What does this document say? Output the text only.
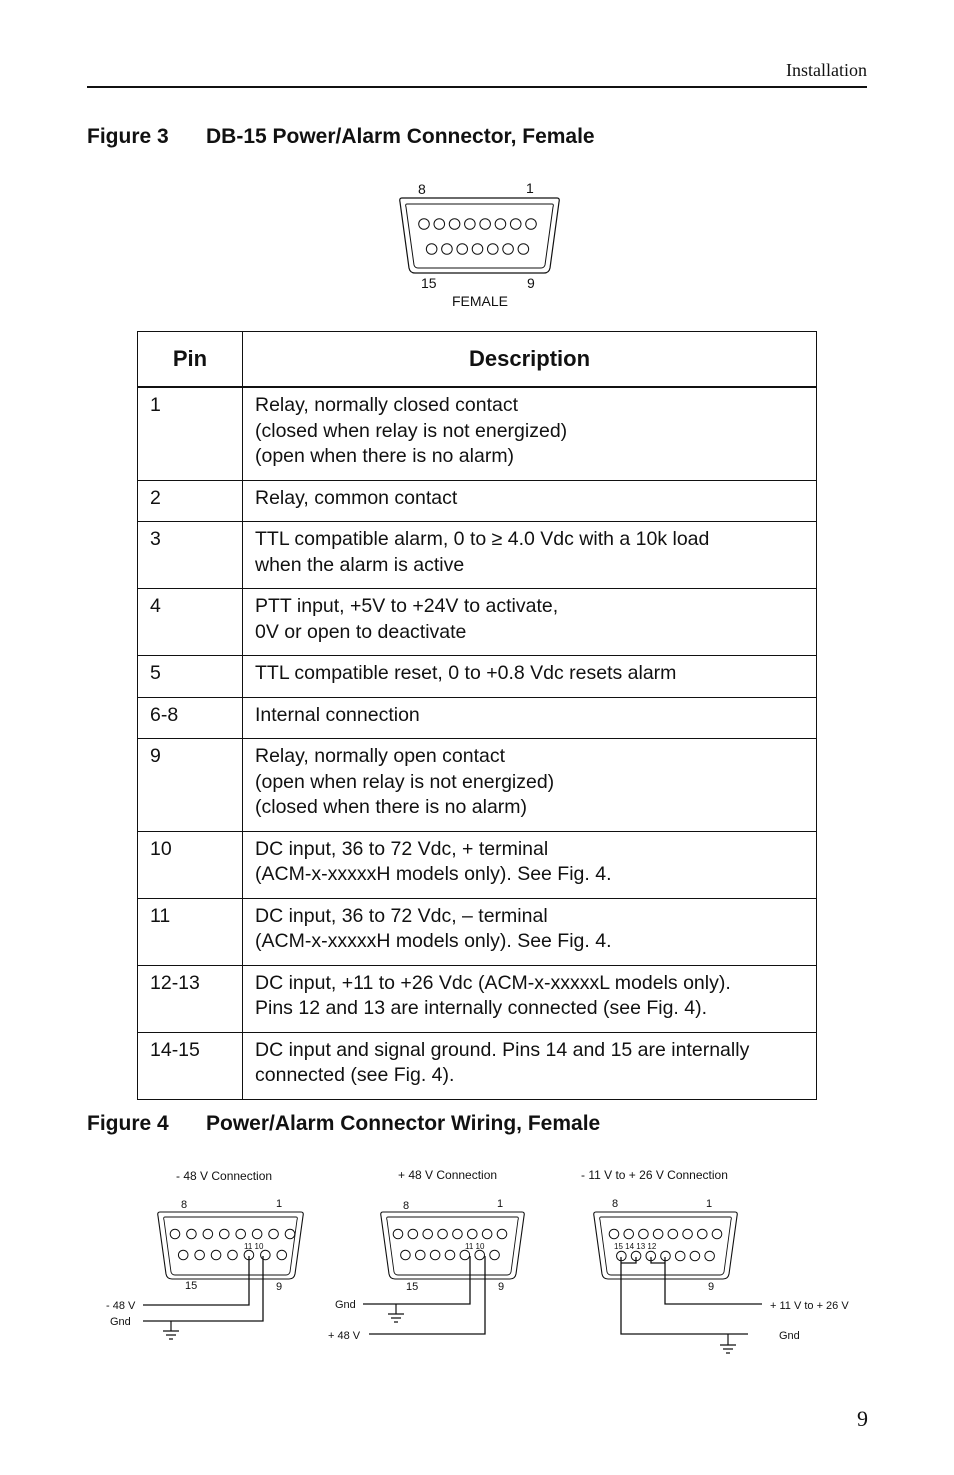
Installation
Figure 3 DB-15 Power/Alarm Connector, Female
8	1
15	9
FEMALE
Pin	Description
1	Relay, normally closed contact
(closed when relay is not energized)
(open when there is no alarm)

2	Relay, common contact

3	TTL compatible alarm, 0 to ≥ 4.0 Vdc with a 10k load
when the alarm is active

4	PTT input, +5V to +24V to activate,
0V or open to deactivate

5	TTL compatible reset, 0 to +0.8 Vdc resets alarm

6-8	Internal connection

9	Relay, normally open contact
(open when relay is not energized)
(closed when there is no alarm)

10	DC input, 36 to 72 Vdc, + terminal
(ACM-x-xxxxxH models only). See Fig. 4.

11	DC input, 36 to 72 Vdc, – terminal
(ACM-x-xxxxxH models only). See Fig. 4.

12-13	DC input, +11 to +26 Vdc (ACM-x-xxxxxL models only).
Pins 12 and 13 are internally connected (see Fig. 4).

14-15	DC input and signal ground. Pins 14 and 15 are internally
connected (see Fig. 4).
Figure 4 Power/Alarm Connector Wiring, Female
- 48 V Connection
8	1
15	9
11 10
- 48 V
Gnd
+ 48 V Connection
8	1
15	9
11 10
Gnd
+ 48 V
- 11 V to + 26 V Connection
8	1
9
15 14 13 12
+ 11 V to + 26 V
Gnd
9
